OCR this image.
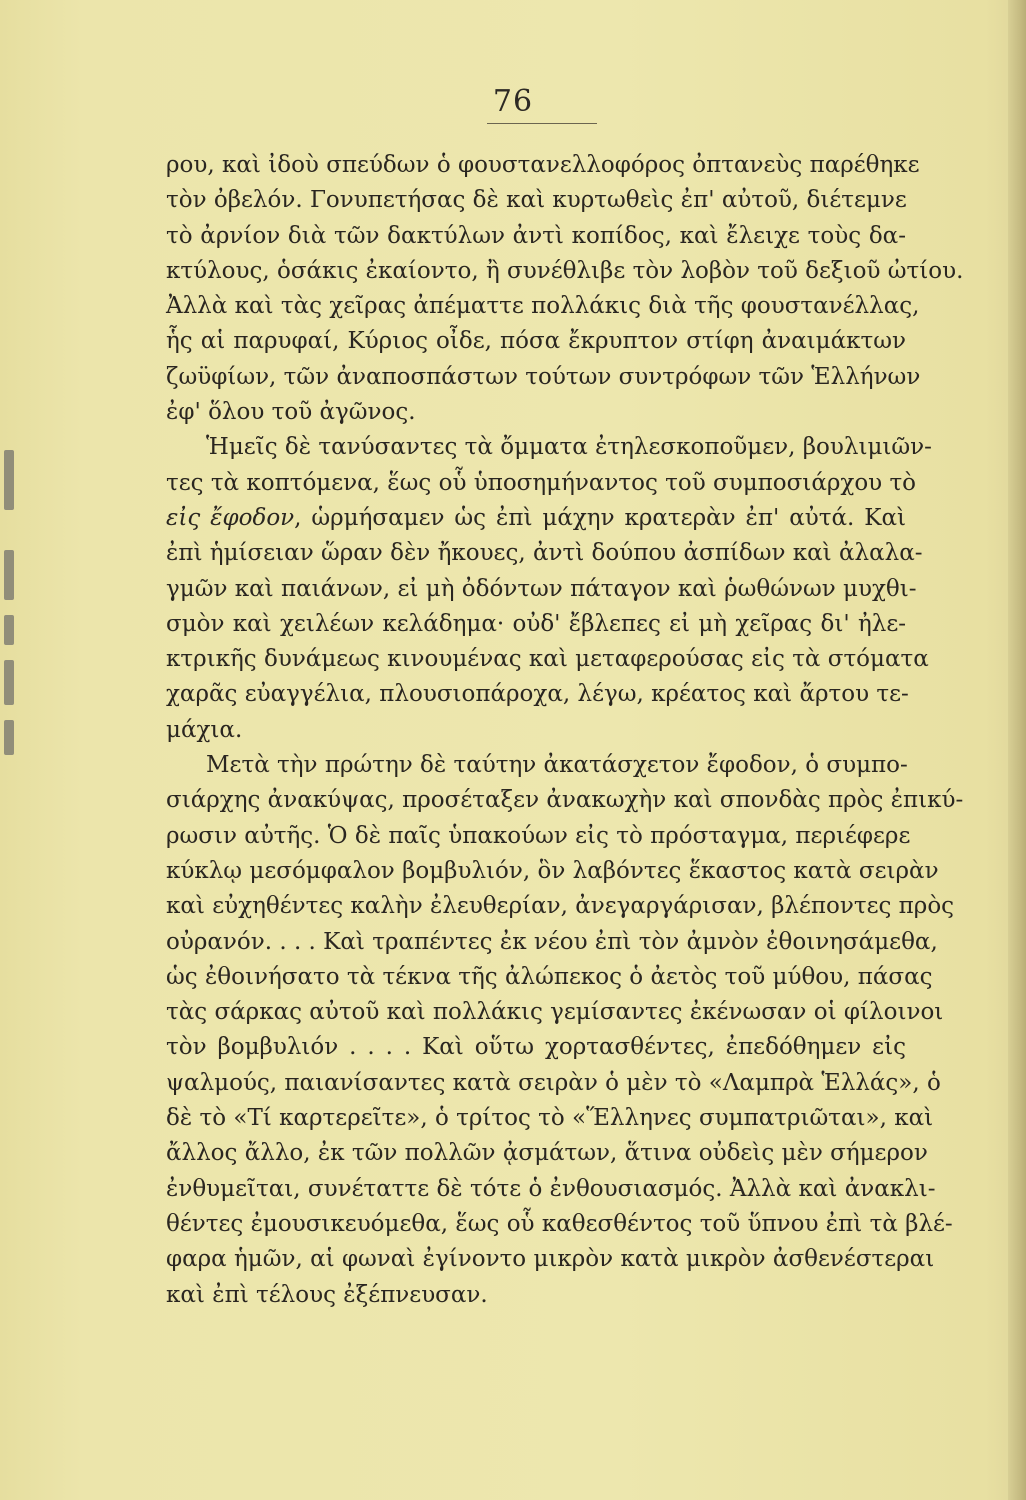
76
ρου, καὶ ἰδοὺ σπεύδων ὁ φουστανελλοφόρος ὀπτανεὺς παρέθηκε
τὸν ὀβελόν. Γονυπετήσας δὲ καὶ κυρτωθεὶς ἐπ' αὐτοῦ, διέτεμνε
τὸ ἀρνίον διὰ τῶν δακτύλων ἀντὶ κοπίδος, καὶ ἔλειχε τοὺς δα-
κτύλους, ὁσάκις ἐκαίοντο, ἢ συνέθλιβε τὸν λοβὸν τοῦ δεξιοῦ ὠτίου.
Ἀλλὰ καὶ τὰς χεῖρας ἀπέματτε πολλάκις διὰ τῆς φουστανέλλας,
ἧς αἱ παρυφαί, Κύριος οἶδε, πόσα ἔκρυπτον στίφη ἀναιμάκτων
ζωϋφίων, τῶν ἀναποσπάστων τούτων συντρόφων τῶν Ἑλλήνων
ἐφ' ὅλου τοῦ ἀγῶνος.
Ἡμεῖς δὲ τανύσαντες τὰ ὄμματα ἐτηλεσκοποῦμεν, βουλιμιῶν-
τες τὰ κοπτόμενα, ἕως οὗ ὑποσημήναντος τοῦ συμποσιάρχου τὸ
εἰς ἔφοδον, ὡρμήσαμεν ὡς ἐπὶ μάχην κρατερὰν ἐπ' αὐτά. Καὶ
ἐπὶ ἡμίσειαν ὥραν δὲν ἤκουες, ἀντὶ δούπου ἀσπίδων καὶ ἀλαλα-
γμῶν καὶ παιάνων, εἰ μὴ ὀδόντων πάταγον καὶ ῥωθώνων μυχθι-
σμὸν καὶ χειλέων κελάδημα· οὐδ' ἔβλεπες εἰ μὴ χεῖρας δι' ἠλε-
κτρικῆς δυνάμεως κινουμένας καὶ μεταφερούσας εἰς τὰ στόματα
χαρᾶς εὐαγγέλια, πλουσιοπάροχα, λέγω, κρέατος καὶ ἄρτου τε-
μάχια.
Μετὰ τὴν πρώτην δὲ ταύτην ἀκατάσχετον ἔφοδον, ὁ συμπο-
σιάρχης ἀνακύψας, προσέταξεν ἀνακωχὴν καὶ σπονδὰς πρὸς ἐπικύ-
ρωσιν αὐτῆς. Ὁ δὲ παῖς ὑπακούων εἰς τὸ πρόσταγμα, περιέφερε
κύκλῳ μεσόμφαλον βομβυλιόν, ὃν λαβόντες ἕκαστος κατὰ σειρὰν
καὶ εὐχηθέντες καλὴν ἐλευθερίαν, ἀνεγαργάρισαν, βλέποντες πρὸς
οὐρανόν. . . . Καὶ τραπέντες ἐκ νέου ἐπὶ τὸν ἀμνὸν ἐθοινησάμεθα,
ὡς ἐθοινήσατο τὰ τέκνα τῆς ἀλώπεκος ὁ ἀετὸς τοῦ μύθου, πάσας
τὰς σάρκας αὐτοῦ καὶ πολλάκις γεμίσαντες ἐκένωσαν οἱ φίλοινοι
τὸν βομβυλιόν . . . . Καὶ οὕτω χορτασθέντες, ἐπεδόθημεν εἰς
ψαλμούς, παιανίσαντες κατὰ σειρὰν ὁ μὲν τὸ «Λαμπρὰ Ἑλλάς», ὁ
δὲ τὸ «Τί καρτερεῖτε», ὁ τρίτος τὸ «Ἕλληνες συμπατριῶται», καὶ
ἄλλος ἄλλο, ἐκ τῶν πολλῶν ᾀσμάτων, ἅτινα οὐδεὶς μὲν σήμερον
ἐνθυμεῖται, συνέταττε δὲ τότε ὁ ἐνθουσιασμός. Ἀλλὰ καὶ ἀνακλι-
θέντες ἐμουσικευόμεθα, ἕως οὗ καθεσθέντος τοῦ ὕπνου ἐπὶ τὰ βλέ-
φαρα ἡμῶν, αἱ φωναὶ ἐγίνοντο μικρὸν κατὰ μικρὸν ἀσθενέστεραι
καὶ ἐπὶ τέλους ἐξέπνευσαν.
